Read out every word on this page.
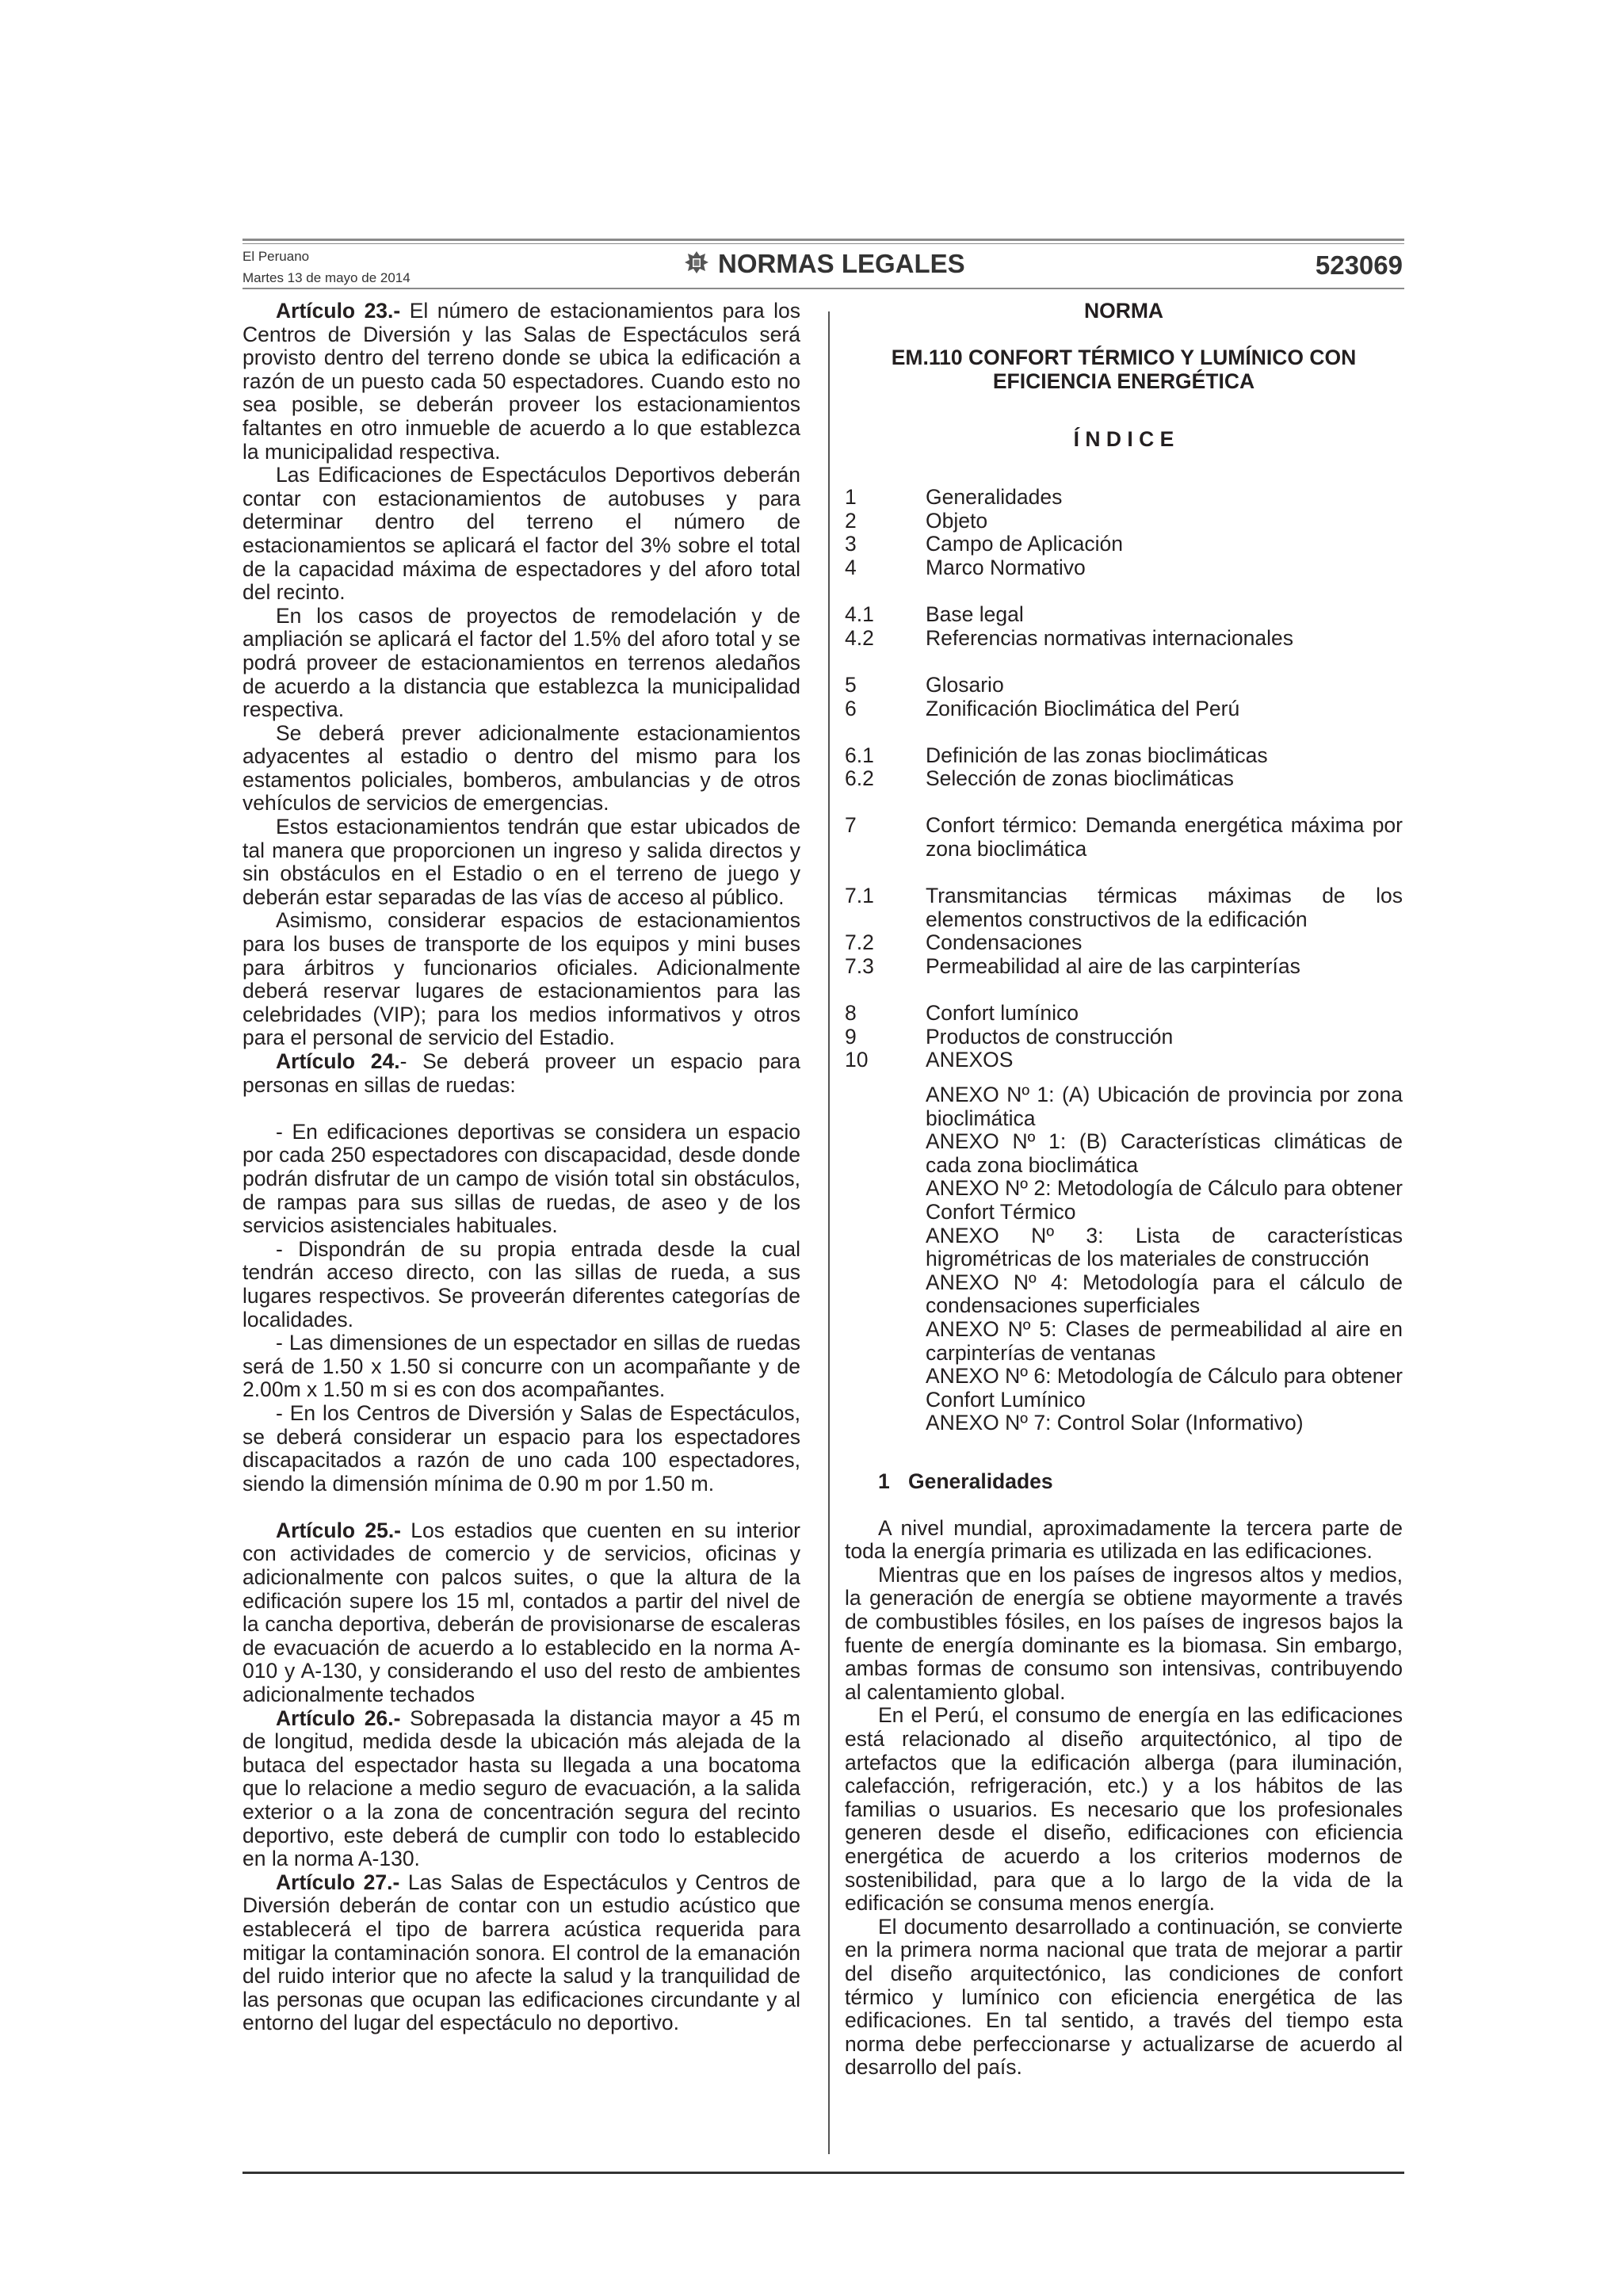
El Peruano
Martes 13 de mayo de 2014	NORMAS LEGALES	523069

Artículo 23.- El número de estacionamientos para los Centros de Diversión y las Salas de Espectáculos será provisto dentro del terreno donde se ubica la edificación a razón de un puesto cada 50 espectadores. Cuando esto no sea posible, se deberán proveer los estacionamientos faltantes en otro inmueble de acuerdo a lo que establezca la municipalidad respectiva.

Las Edificaciones de Espectáculos Deportivos deberán contar con estacionamientos de autobuses y para determinar dentro del terreno el número de estacionamientos se aplicará el factor del 3% sobre el total de la capacidad máxima de espectadores y del aforo total del recinto.

En los casos de proyectos de remodelación y de ampliación se aplicará el factor del 1.5% del aforo total y se podrá proveer de estacionamientos en terrenos aledaños de acuerdo a la distancia que establezca la municipalidad respectiva.

Se deberá prever adicionalmente estacionamientos adyacentes al estadio o dentro del mismo para los estamentos policiales, bomberos, ambulancias y de otros vehículos de servicios de emergencias.

Estos estacionamientos tendrán que estar ubicados de tal manera que proporcionen un ingreso y salida directos y sin obstáculos en el Estadio o en el terreno de juego y deberán estar separadas de las vías de acceso al público.

Asimismo, considerar espacios de estacionamientos para los buses de transporte de los equipos y mini buses para árbitros y funcionarios oficiales. Adicionalmente deberá reservar lugares de estacionamientos para las celebridades (VIP); para los medios informativos y otros para el personal de servicio del Estadio.

Artículo 24.- Se deberá proveer un espacio para personas en sillas de ruedas:

- En edificaciones deportivas se considera un espacio por cada 250 espectadores con discapacidad, desde donde podrán disfrutar de un campo de visión total sin obstáculos, de rampas para sus sillas de ruedas, de aseo y de los servicios asistenciales habituales.

- Dispondrán de su propia entrada desde la cual tendrán acceso directo, con las sillas de rueda, a sus lugares respectivos. Se proveerán diferentes categorías de localidades.

- Las dimensiones de un espectador en sillas de ruedas será de 1.50 x 1.50 si concurre con un acompañante y de 2.00m x 1.50 m si es con dos acompañantes.

- En los Centros de Diversión y Salas de Espectáculos, se deberá considerar un espacio para los espectadores discapacitados a razón de uno cada 100 espectadores, siendo la dimensión mínima de 0.90 m por 1.50 m.

Artículo 25.- Los estadios que cuenten en su interior con actividades de comercio y de servicios, oficinas y adicionalmente con palcos suites, o que la altura de la edificación supere los 15 ml, contados a partir del nivel de la cancha deportiva, deberán de provisionarse de escaleras de evacuación de acuerdo a lo establecido en la norma A-010 y A-130, y considerando el uso del resto de ambientes adicionalmente techados

Artículo 26.- Sobrepasada la distancia mayor a 45 m de longitud, medida desde la ubicación más alejada de la butaca del espectador hasta su llegada a una bocatoma que lo relacione a medio seguro de evacuación, a la salida exterior o a la zona de concentración segura del recinto deportivo, este deberá de cumplir con todo lo establecido en la norma A-130.

Artículo 27.- Las Salas de Espectáculos y Centros de Diversión deberán de contar con un estudio acústico que establecerá el tipo de barrera acústica requerida para mitigar la contaminación sonora. El control de la emanación del ruido interior que no afecte la salud y la tranquilidad de las personas que ocupan las edificaciones circundante y al entorno del lugar del espectáculo no deportivo.

NORMA

EM.110 CONFORT TÉRMICO Y LUMÍNICO CON

EFICIENCIA ENERGÉTICA

Í N D I C E

1	Generalidades
2	Objeto
3	Campo de Aplicación
4	Marco Normativo
4.1	Base legal
4.2	Referencias normativas internacionales
5	Glosario
6	Zonificación Bioclimática del Perú
6.1	Definición de las zonas bioclimáticas
6.2	Selección de zonas bioclimáticas
7	Confort térmico: Demanda energética máxima por zona bioclimática
7.1	Transmitancias térmicas máximas de los elementos constructivos de la edificación
7.2	Condensaciones
7.3	Permeabilidad al aire de las carpinterías
8	Confort lumínico
9	Productos de construcción
10	ANEXOS
ANEXO Nº 1: (A) Ubicación de provincia por zona bioclimática
ANEXO Nº 1: (B) Características climáticas de cada zona bioclimática
ANEXO Nº 2: Metodología de Cálculo para obtener Confort Térmico
ANEXO Nº 3: Lista de características higrométricas de los materiales de construcción
ANEXO Nº 4: Metodología para el cálculo de condensaciones superficiales
ANEXO Nº 5: Clases de permeabilidad al aire en carpinterías de ventanas
ANEXO Nº 6: Metodología de Cálculo para obtener Confort Lumínico
ANEXO Nº 7: Control Solar (Informativo)
1 Generalidades

A nivel mundial, aproximadamente la tercera parte de toda la energía primaria es utilizada en las edificaciones.

Mientras que en los países de ingresos altos y medios, la generación de energía se obtiene mayormente a través de combustibles fósiles, en los países de ingresos bajos la fuente de energía dominante es la biomasa. Sin embargo, ambas formas de consumo son intensivas, contribuyendo al calentamiento global.

En el Perú, el consumo de energía en las edificaciones está relacionado al diseño arquitectónico, al tipo de artefactos que la edificación alberga (para iluminación, calefacción, refrigeración, etc.) y a los hábitos de las familias o usuarios. Es necesario que los profesionales generen desde el diseño, edificaciones con eficiencia energética de acuerdo a los criterios modernos de sostenibilidad, para que a lo largo de la vida de la edificación se consuma menos energía.

El documento desarrollado a continuación, se convierte en la primera norma nacional que trata de mejorar a partir del diseño arquitectónico, las condiciones de confort térmico y lumínico con eficiencia energética de las edificaciones. En tal sentido, a través del tiempo esta norma debe perfeccionarse y actualizarse de acuerdo al desarrollo del país.
